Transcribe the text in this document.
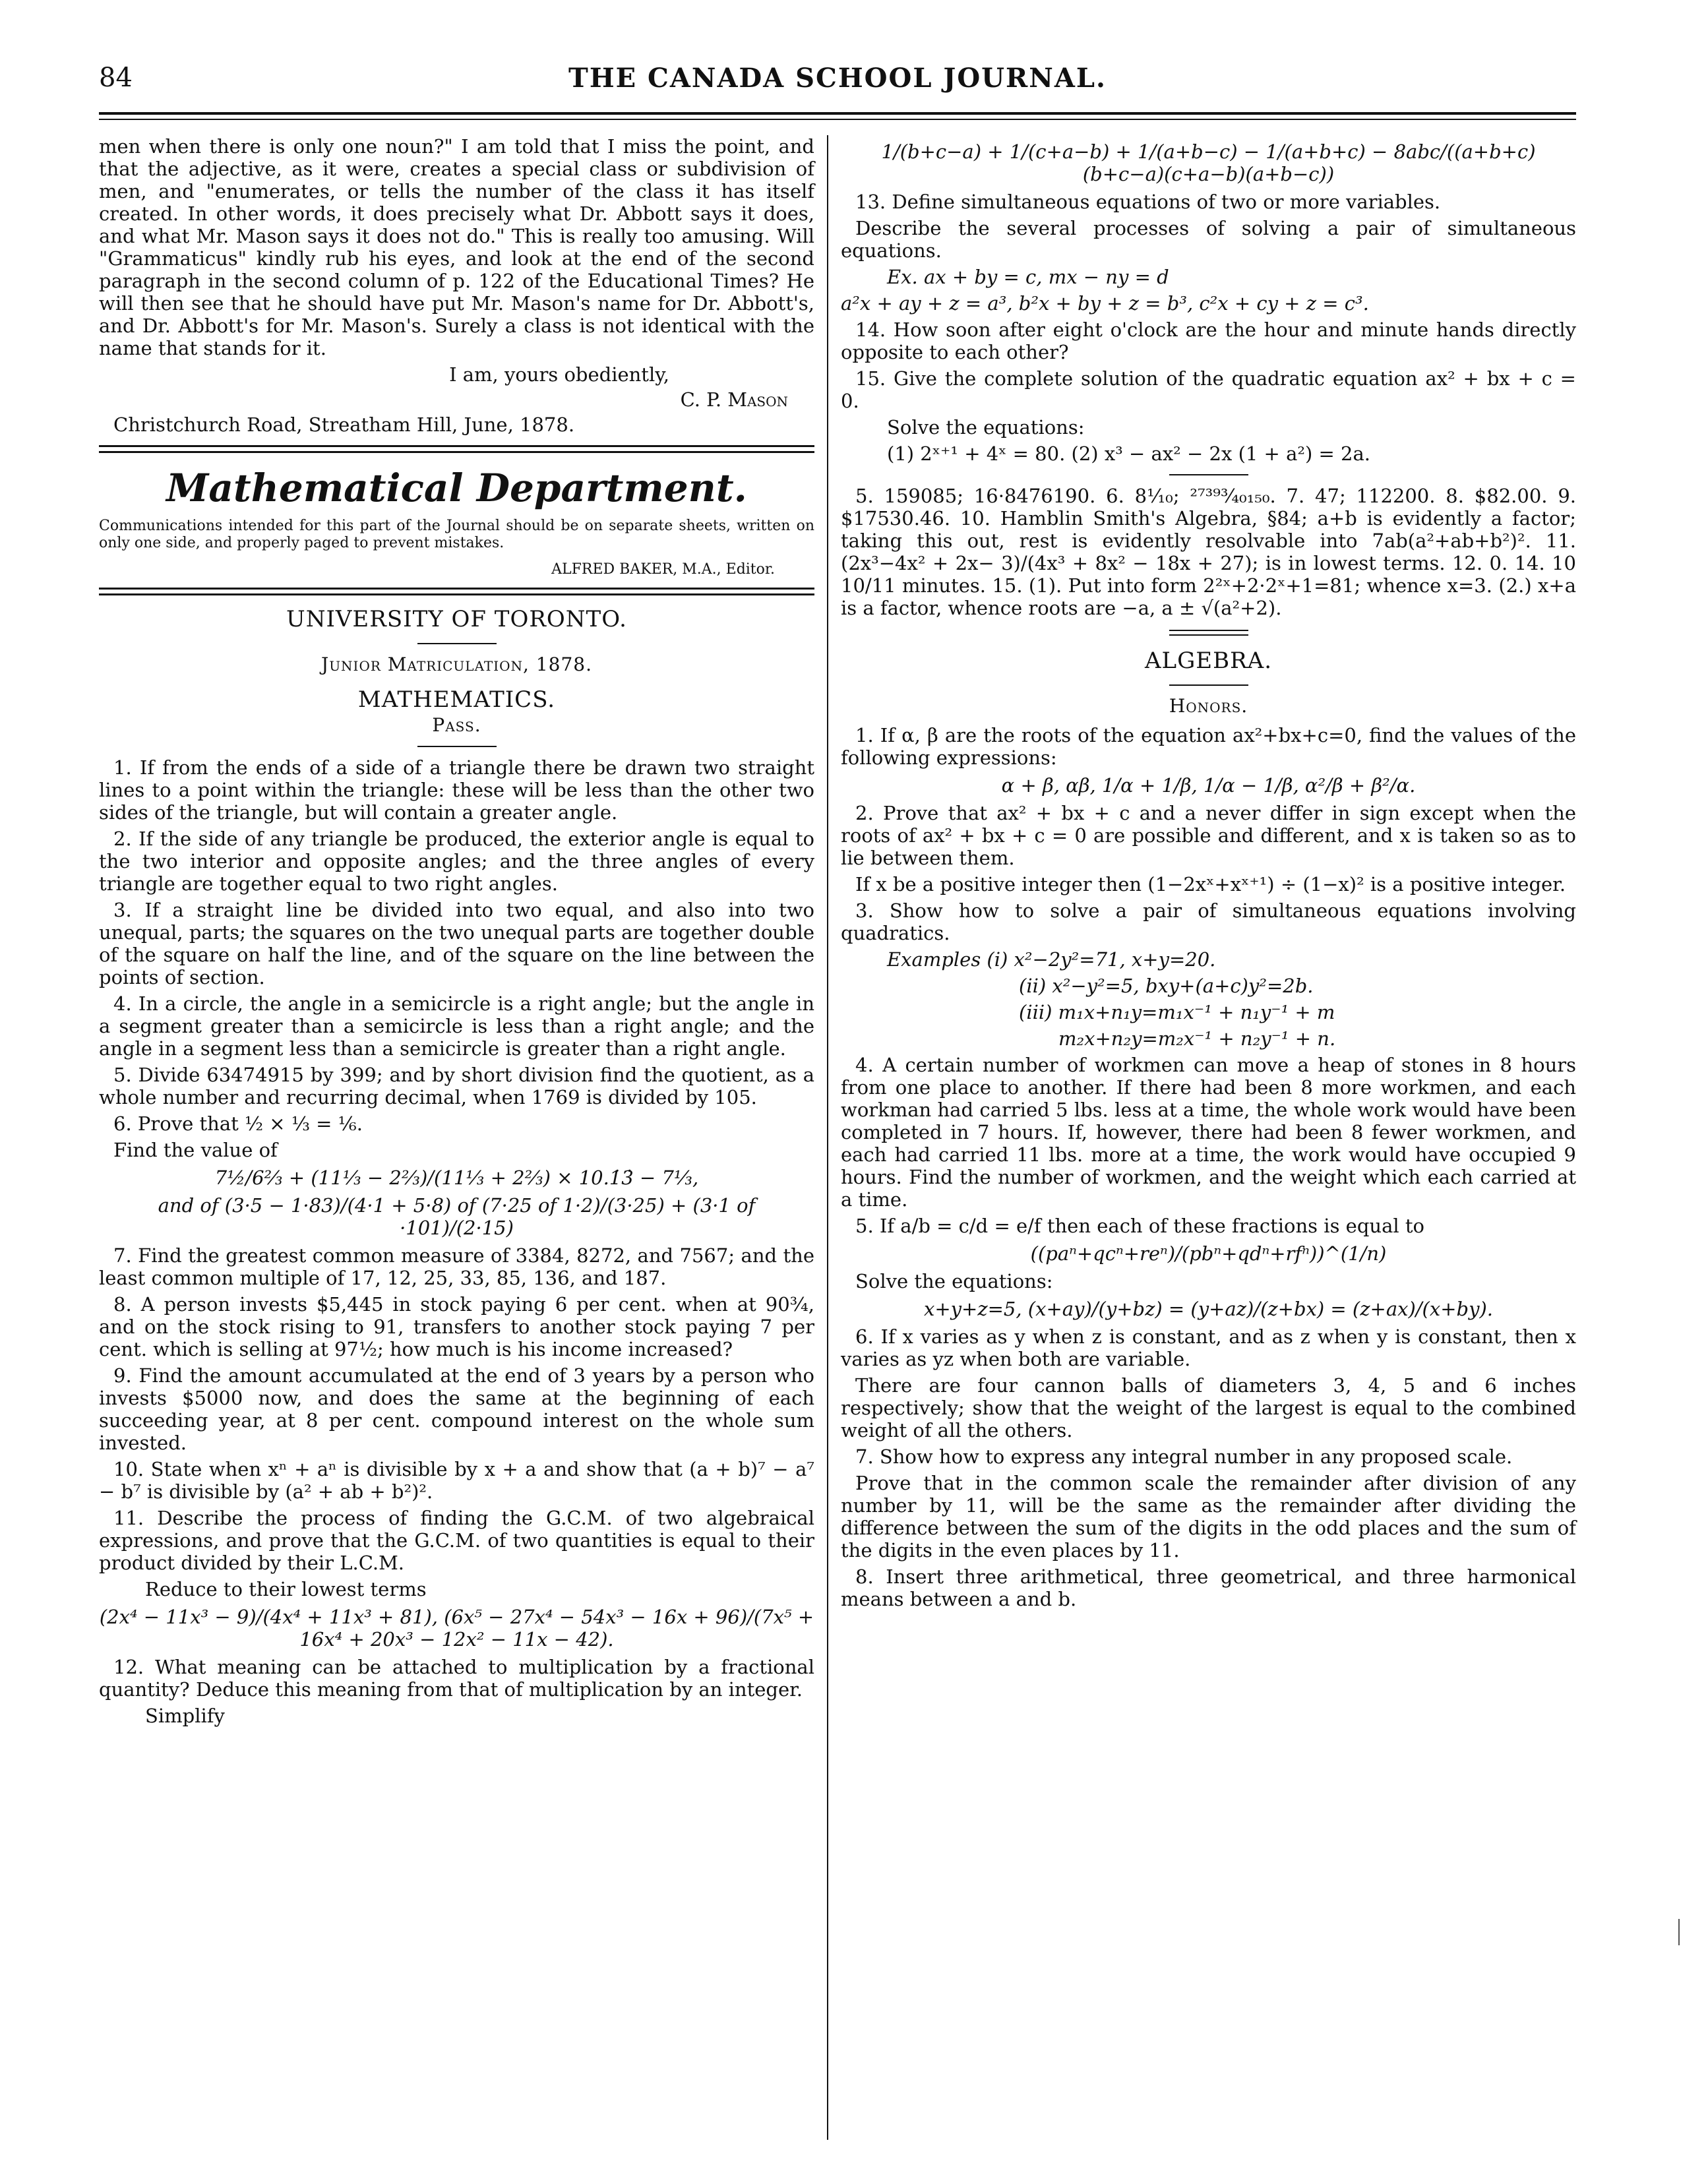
84	THE CANADA SCHOOL JOURNAL.

men when there is only one noun?" I am told that I miss the point, and that the adjective, as it were, creates a special class or subdivision of men, and "enumerates, or tells the number of the class it has itself created. In other words, it does precisely what Dr. Abbott says it does, and what Mr. Mason says it does not do." This is really too amusing. Will "Grammaticus" kindly rub his eyes, and look at the end of the second paragraph in the second column of p. 122 of the Educational Times? He will then see that he should have put Mr. Mason's name for Dr. Abbott's, and Dr. Abbott's for Mr. Mason's. Surely a class is not identical with the name that stands for it.

I am, yours obediently,

C. P. Mason

Christchurch Road, Streatham Hill, June, 1878.

Mathematical Department.

Communications intended for this part of the Journal should be on separate sheets, written on only one side, and properly paged to prevent mistakes.

ALFRED BAKER, M.A., Editor.

UNIVERSITY OF TORONTO.
Junior Matriculation, 1878.
MATHEMATICS.
Pass.

1. If from the ends of a side of a triangle there be drawn two straight lines to a point within the triangle: these will be less than the other two sides of the triangle, but will contain a greater angle.

2. If the side of any triangle be produced, the exterior angle is equal to the two interior and opposite angles; and the three angles of every triangle are together equal to two right angles.

3. If a straight line be divided into two equal, and also into two unequal, parts; the squares on the two unequal parts are together double of the square on half the line, and of the square on the line between the points of section.

4. In a circle, the angle in a semicircle is a right angle; but the angle in a segment greater than a semicircle is less than a right angle; and the angle in a segment less than a semicircle is greater than a right angle.

5. Divide 63474915 by 399; and by short division find the quotient, as a whole number and recurring decimal, when 1769 is divided by 105.

6. Prove that ½ × ⅓ = ⅙.

Find the value of

7½/6⅔ + (11⅓ − 2⅔)/(11⅓ + 2⅔) × 10.1̇3̇ − 7⅓,

and of (3·5 − 1·83)/(4·1 + 5·8) of (7·25 of 1·2)/(3·25) + (3·1 of ·101)/(2·15)

7. Find the greatest common measure of 3384, 8272, and 7567; and the least common multiple of 17, 12, 25, 33, 85, 136, and 187.

8. A person invests $5,445 in stock paying 6 per cent. when at 90¾, and on the stock rising to 91, transfers to another stock paying 7 per cent. which is selling at 97½; how much is his income increased?

9. Find the amount accumulated at the end of 3 years by a person who invests $5000 now, and does the same at the beginning of each succeeding year, at 8 per cent. compound interest on the whole sum invested.

10. State when xⁿ + aⁿ is divisible by x + a and show that (a + b)⁷ − a⁷ − b⁷ is divisible by (a² + ab + b²)².

11. Describe the process of finding the G.C.M. of two algebraical expressions, and prove that the G.C.M. of two quantities is equal to their product divided by their L.C.M.

Reduce to their lowest terms

(2x⁴ − 11x³ − 9)/(4x⁴ + 11x³ + 81), (6x⁵ − 27x⁴ − 54x³ − 16x + 96)/(7x⁵ + 16x⁴ + 20x³ − 12x² − 11x − 42).

12. What meaning can be attached to multiplication by a fractional quantity? Deduce this meaning from that of multiplication by an integer.

Simplify

1/(b+c−a) + 1/(c+a−b) + 1/(a+b−c) − 1/(a+b+c) − 8abc/((a+b+c)(b+c−a)(c+a−b)(a+b−c))

13. Define simultaneous equations of two or more variables.

Describe the several processes of solving a pair of simultaneous equations.

Ex. ax + by = c, mx − ny = d

a²x + ay + z = a³, b²x + by + z = b³, c²x + cy + z = c³.

14. How soon after eight o'clock are the hour and minute hands directly opposite to each other?

15. Give the complete solution of the quadratic equation ax² + bx + c = 0.

Solve the equations:

(1) 2ˣ⁺¹ + 4ˣ = 80. (2) x³ − ax² − 2x (1 + a²) = 2a.

5. 159085; 16·8476190. 6. 8¹⁄₁₀; ²⁷³⁹³⁄₄₀₁₅₀. 7. 47; 112200. 8. $82.00. 9. $17530.46. 10. Hamblin Smith's Algebra, §84; a+b is evidently a factor; taking this out, rest is evidently resolvable into 7ab(a²+ab+b²)². 11. (2x³−4x² + 2x− 3)/(4x³ + 8x² − 18x + 27); is in lowest terms. 12. 0. 14. 10 10/11 minutes. 15. (1). Put into form 2²ˣ+2·2ˣ+1=81; whence x=3. (2.) x+a is a factor, whence roots are −a, a ± √(a²+2).

ALGEBRA.
Honors.

1. If α, β are the roots of the equation ax²+bx+c=0, find the values of the following expressions:

α + β, αβ, 1/α + 1/β, 1/α − 1/β, α²/β + β²/α.

2. Prove that ax² + bx + c and a never differ in sign except when the roots of ax² + bx + c = 0 are possible and different, and x is taken so as to lie between them.

If x be a positive integer then (1−2xˣ+xˣ⁺¹) ÷ (1−x)² is a positive integer.

3. Show how to solve a pair of simultaneous equations involving quadratics.

Examples (i) x²−2y²=71, x+y=20.

(ii) x²−y²=5, bxy+(a+c)y²=2b.

(iii) m₁x+n₁y=m₁x⁻¹ + n₁y⁻¹ + m

m₂x+n₂y=m₂x⁻¹ + n₂y⁻¹ + n.

4. A certain number of workmen can move a heap of stones in 8 hours from one place to another. If there had been 8 more workmen, and each workman had carried 5 lbs. less at a time, the whole work would have been completed in 7 hours. If, however, there had been 8 fewer workmen, and each had carried 11 lbs. more at a time, the work would have occupied 9 hours. Find the number of workmen, and the weight which each carried at a time.

5. If a/b = c/d = e/f then each of these fractions is equal to

((paⁿ+qcⁿ+reⁿ)/(pbⁿ+qdⁿ+rfⁿ))^(1/n)

Solve the equations:

x+y+z=5, (x+ay)/(y+bz) = (y+az)/(z+bx) = (z+ax)/(x+by).

6. If x varies as y when z is constant, and as z when y is constant, then x varies as yz when both are variable.

There are four cannon balls of diameters 3, 4, 5 and 6 inches respectively; show that the weight of the largest is equal to the combined weight of all the others.

7. Show how to express any integral number in any proposed scale.

Prove that in the common scale the remainder after division of any number by 11, will be the same as the remainder after dividing the difference between the sum of the digits in the odd places and the sum of the digits in the even places by 11.

8. Insert three arithmetical, three geometrical, and three harmonical means between a and b.
